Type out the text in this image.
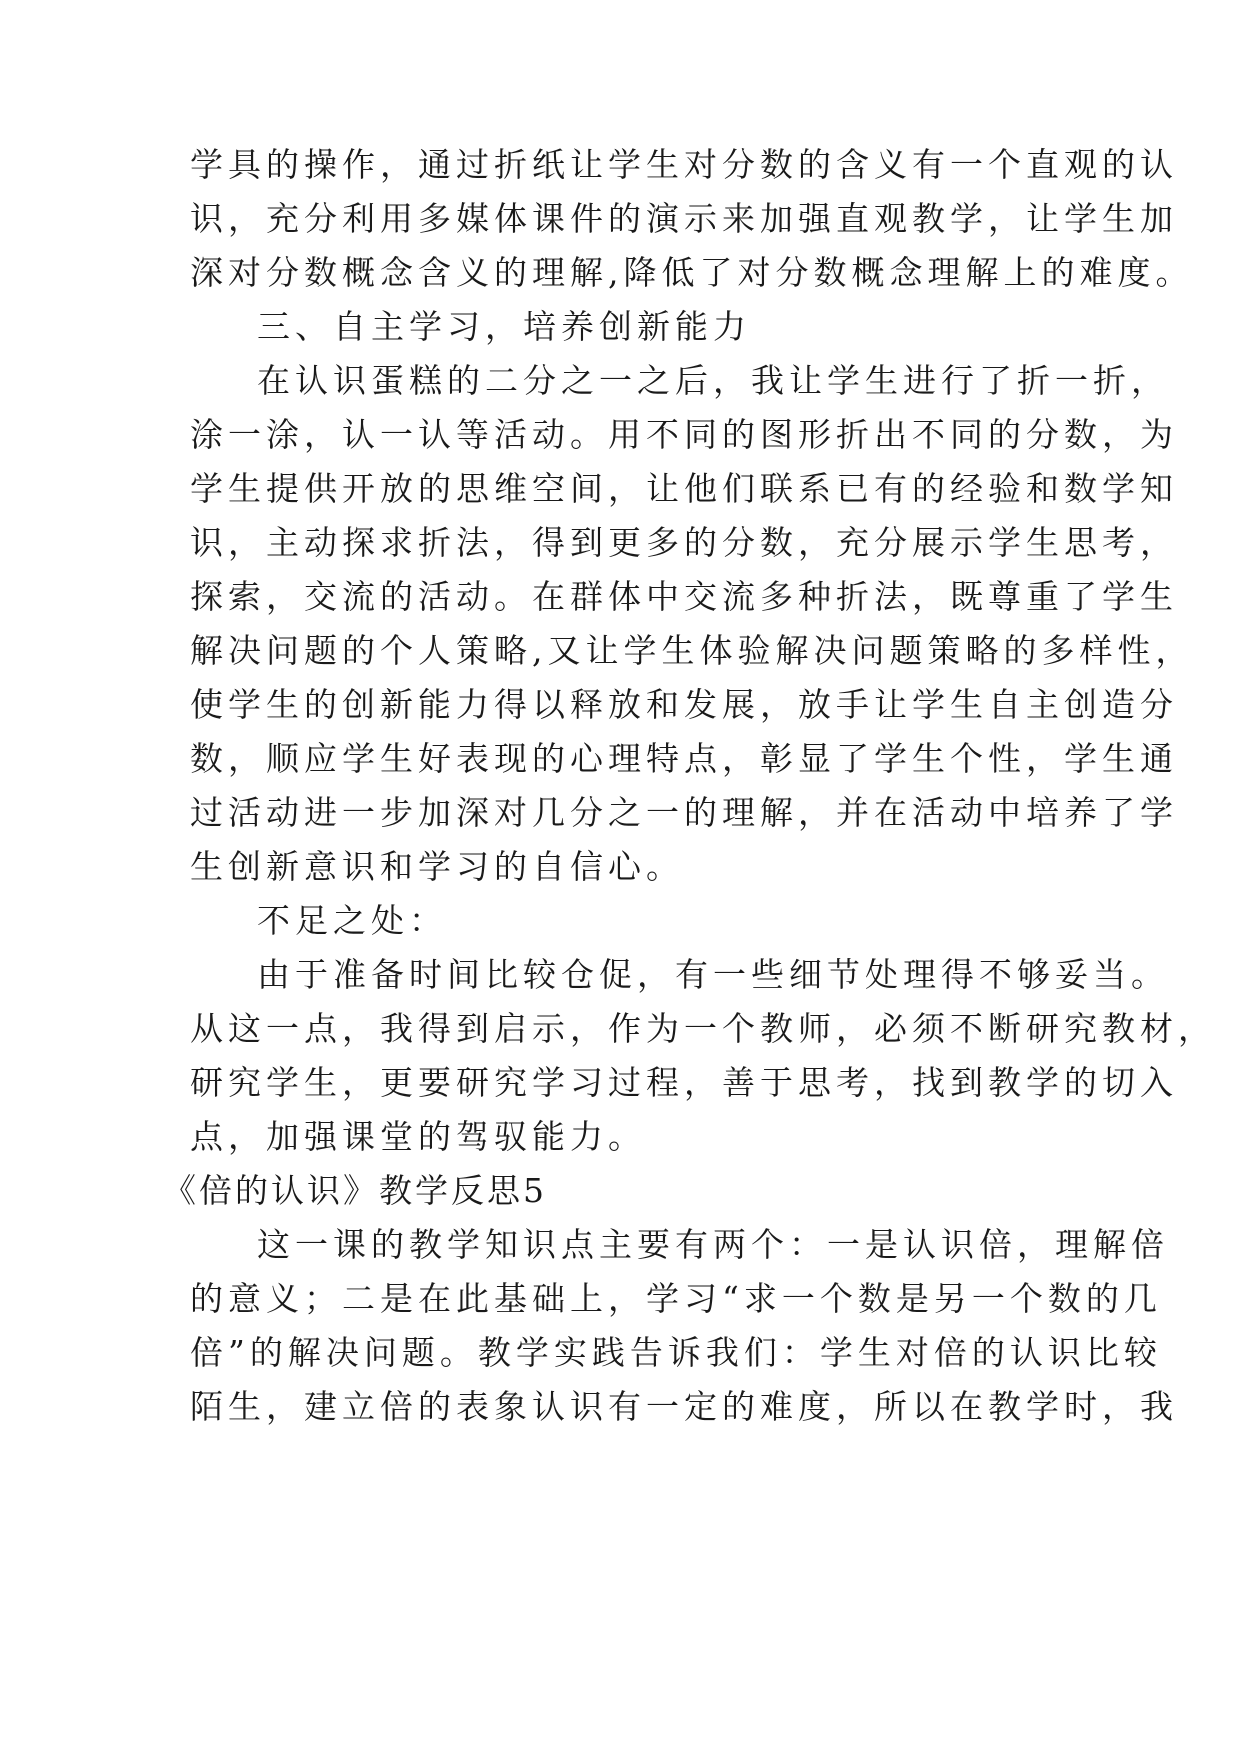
学具的操作，通过折纸让学生对分数的含义有一个直观的认
识，充分利用多媒体课件的演示来加强直观教学，让学生加
深对分数概念含义的理解,降低了对分数概念理解上的难度。
三、自主学习，培养创新能力
在认识蛋糕的二分之一之后，我让学生进行了折一折，
涂一涂，认一认等活动。用不同的图形折出不同的分数，为
学生提供开放的思维空间，让他们联系已有的经验和数学知
识，主动探求折法，得到更多的分数，充分展示学生思考，
探索，交流的活动。在群体中交流多种折法，既尊重了学生
解决问题的个人策略,又让学生体验解决问题策略的多样性，
使学生的创新能力得以释放和发展，放手让学生自主创造分
数，顺应学生好表现的心理特点，彰显了学生个性，学生通
过活动进一步加深对几分之一的理解，并在活动中培养了学
生创新意识和学习的自信心。
不足之处：
由于准备时间比较仓促，有一些细节处理得不够妥当。
从这一点，我得到启示，作为一个教师，必须不断研究教材，
研究学生，更要研究学习过程，善于思考，找到教学的切入
点，加强课堂的驾驭能力。
《倍的认识》教学反思5
这一课的教学知识点主要有两个：一是认识倍，理解倍
的意义；二是在此基础上，学习“求一个数是另一个数的几
倍”的解决问题。教学实践告诉我们：学生对倍的认识比较
陌生，建立倍的表象认识有一定的难度，所以在教学时，我
